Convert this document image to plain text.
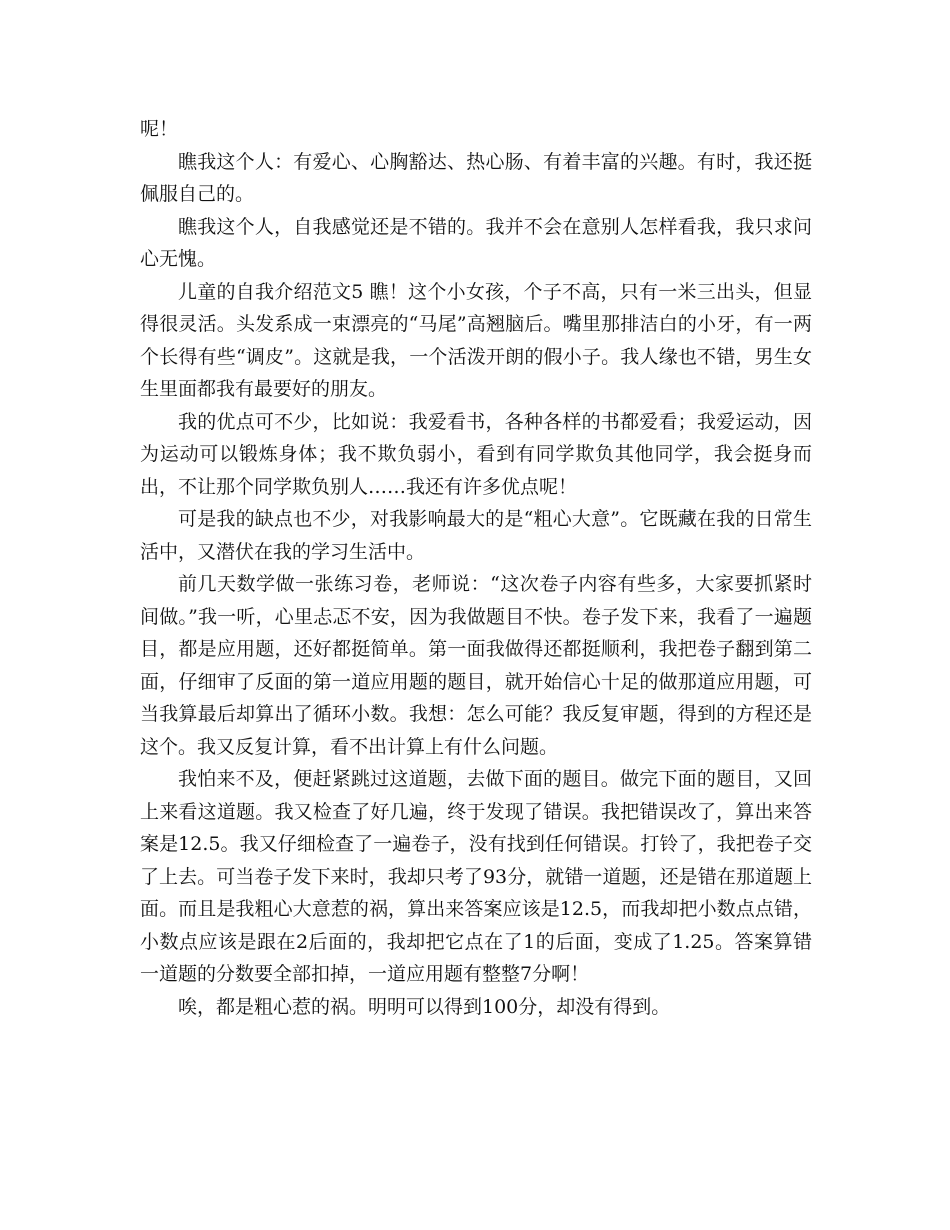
呢！

瞧我这个人：有爱心、心胸豁达、热心肠、有着丰富的兴趣。有时，我还挺佩服自己的。

瞧我这个人，自我感觉还是不错的。我并不会在意别人怎样看我，我只求问心无愧。

儿童的自我介绍范文5 瞧！这个小女孩，个子不高，只有一米三出头，但显得很灵活。头发系成一束漂亮的“马尾”高翘脑后。嘴里那排洁白的小牙，有一两个长得有些“调皮”。这就是我，一个活泼开朗的假小子。我人缘也不错，男生女生里面都我有最要好的朋友。

我的优点可不少，比如说：我爱看书，各种各样的书都爱看；我爱运动，因为运动可以锻炼身体；我不欺负弱小，看到有同学欺负其他同学，我会挺身而出，不让那个同学欺负别人……我还有许多优点呢！

可是我的缺点也不少，对我影响最大的是“粗心大意”。它既藏在我的日常生活中，又潜伏在我的学习生活中。

前几天数学做一张练习卷，老师说：“这次卷子内容有些多，大家要抓紧时间做。”我一听，心里忐忑不安，因为我做题目不快。卷子发下来，我看了一遍题目，都是应用题，还好都挺简单。第一面我做得还都挺顺利，我把卷子翻到第二面，仔细审了反面的第一道应用题的题目，就开始信心十足的做那道应用题，可当我算最后却算出了循环小数。我想：怎么可能？我反复审题，得到的方程还是这个。我又反复计算，看不出计算上有什么问题。

我怕来不及，便赶紧跳过这道题，去做下面的题目。做完下面的题目，又回上来看这道题。我又检查了好几遍，终于发现了错误。我把错误改了，算出来答案是12.5。我又仔细检查了一遍卷子，没有找到任何错误。打铃了，我把卷子交了上去。可当卷子发下来时，我却只考了93分，就错一道题，还是错在那道题上面。而且是我粗心大意惹的祸，算出来答案应该是12.5，而我却把小数点点错，小数点应该是跟在2后面的，我却把它点在了1的后面，变成了1.25。答案算错一道题的分数要全部扣掉，一道应用题有整整7分啊！

唉，都是粗心惹的祸。明明可以得到100分，却没有得到。
